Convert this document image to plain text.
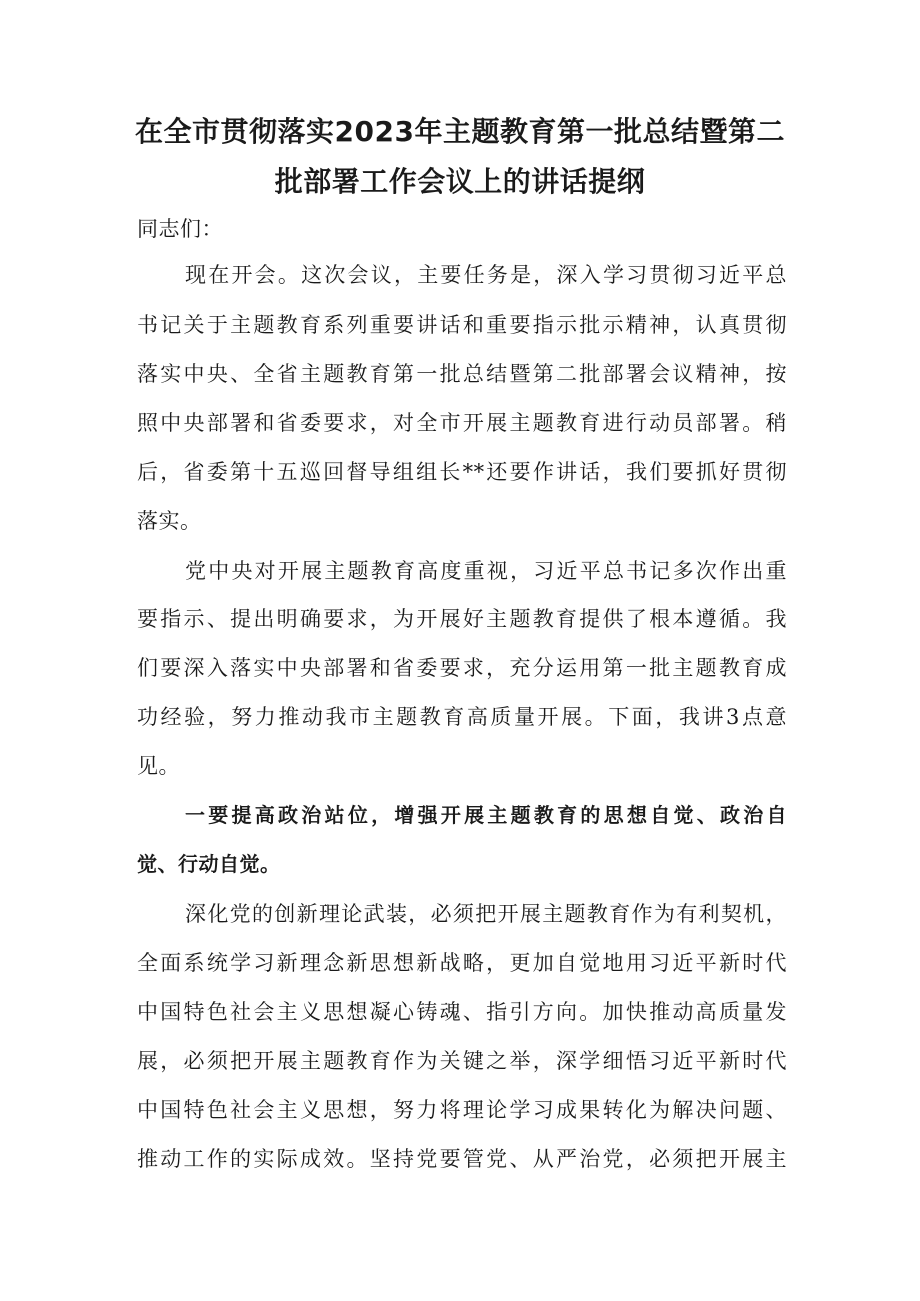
在全市贯彻落实2023年主题教育第一批总结暨第二
批部署工作会议上的讲话提纲
同志们：
现在开会。这次会议，主要任务是，深入学习贯彻习近平总
书记关于主题教育系列重要讲话和重要指示批示精神，认真贯彻
落实中央、全省主题教育第一批总结暨第二批部署会议精神，按
照中央部署和省委要求，对全市开展主题教育进行动员部署。稍
后，省委第十五巡回督导组组长**还要作讲话，我们要抓好贯彻
落实。
党中央对开展主题教育高度重视，习近平总书记多次作出重
要指示、提出明确要求，为开展好主题教育提供了根本遵循。我
们要深入落实中央部署和省委要求，充分运用第一批主题教育成
功经验，努力推动我市主题教育高质量开展。下面，我讲3点意
见。
一要提高政治站位，增强开展主题教育的思想自觉、政治自
觉、行动自觉。
深化党的创新理论武装，必须把开展主题教育作为有利契机，
全面系统学习新理念新思想新战略，更加自觉地用习近平新时代
中国特色社会主义思想凝心铸魂、指引方向。加快推动高质量发
展，必须把开展主题教育作为关键之举，深学细悟习近平新时代
中国特色社会主义思想，努力将理论学习成果转化为解决问题、
推动工作的实际成效。坚持党要管党、从严治党，必须把开展主
